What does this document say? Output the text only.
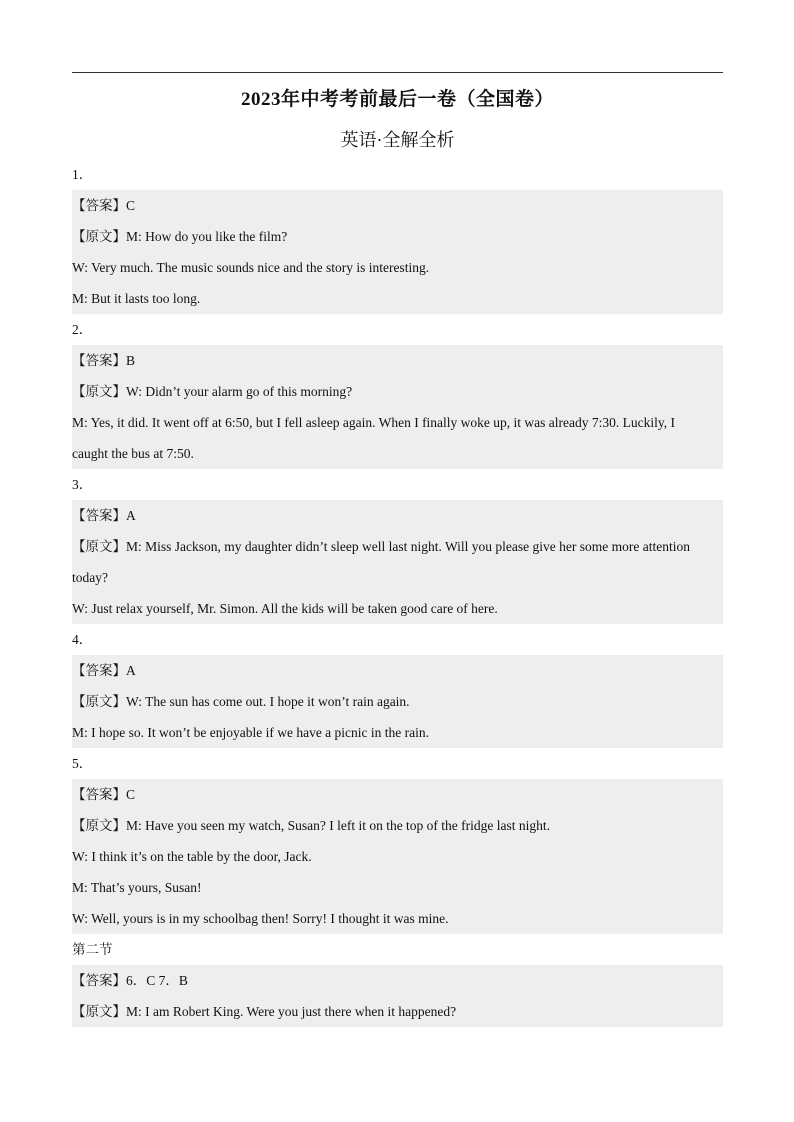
2023年中考考前最后一卷（全国卷）
英语·全解全析
1．
【答案】C
【原文】M: How do you like the film?
W: Very much. The music sounds nice and the story is interesting.
M: But it lasts too long.
2．
【答案】B
【原文】W: Didn’t your alarm go of this morning?
M: Yes, it did. It went off at 6:50, but I fell asleep again. When I finally woke up, it was already 7:30. Luckily, I
caught the bus at 7:50.
3．
【答案】A
【原文】M: Miss Jackson, my daughter didn’t sleep well last night. Will you please give her some more attention
today?
W: Just relax yourself, Mr. Simon. All the kids will be taken good care of here.
4．
【答案】A
【原文】W: The sun has come out. I hope it won’t rain again.
M: I hope so. It won’t be enjoyable if we have a picnic in the rain.
5．
【答案】C
【原文】M: Have you seen my watch, Susan? I left it on the top of the fridge last night.
W: I think it’s on the table by the door, Jack.
M: That’s yours, Susan!
W: Well, yours is in my schoolbag then! Sorry! I thought it was mine.
第二节
【答案】6．C 7．B
【原文】M: I am Robert King. Were you just there when it happened?
